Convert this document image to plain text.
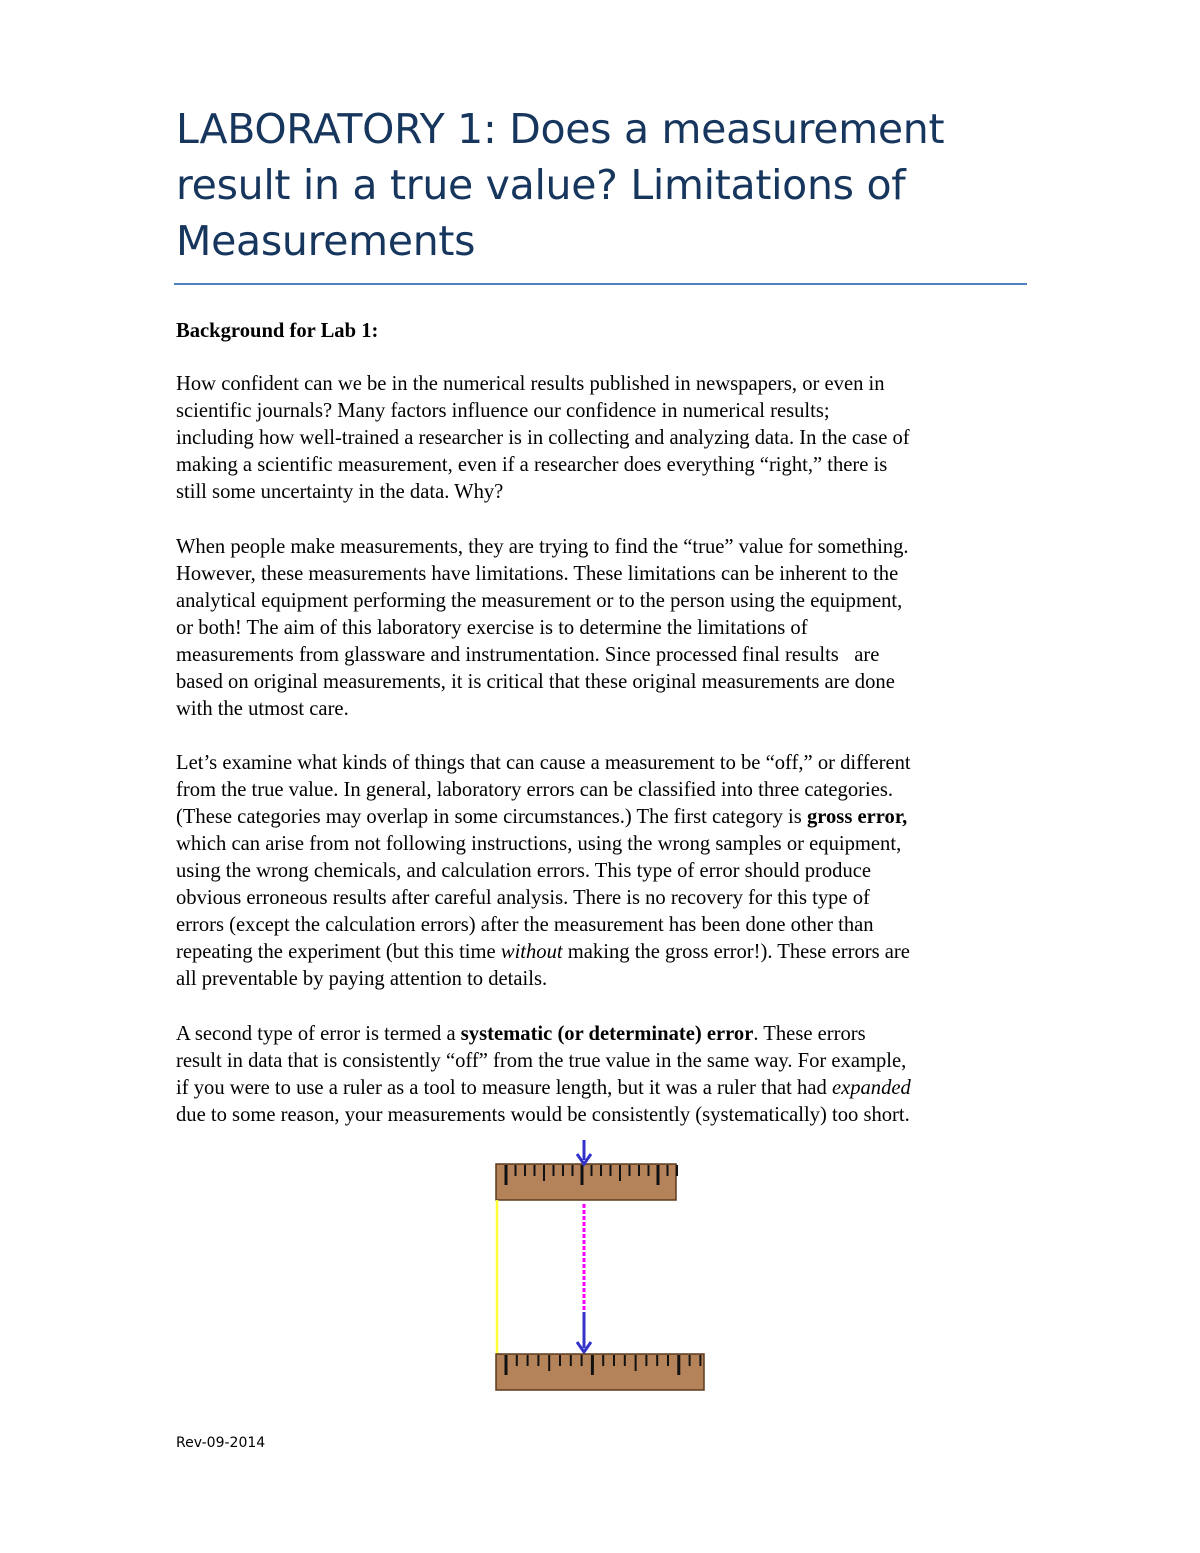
LABORATORY 1: Does a measurement
result in a true value? Limitations of
Measurements

Background for Lab 1:

How confident can we be in the numerical results published in newspapers, or even in
scientific journals? Many factors influence our confidence in numerical results;
including how well-trained a researcher is in collecting and analyzing data. In the case of
making a scientific measurement, even if a researcher does everything “right,” there is
still some uncertainty in the data. Why?

When people make measurements, they are trying to find the “true” value for something.
However, these measurements have limitations. These limitations can be inherent to the
analytical equipment performing the measurement or to the person using the equipment,
or both! The aim of this laboratory exercise is to determine the limitations of
measurements from glassware and instrumentation. Since processed final results   are
based on original measurements, it is critical that these original measurements are done
with the utmost care.

Let’s examine what kinds of things that can cause a measurement to be “off,” or different
from the true value. In general, laboratory errors can be classified into three categories.
(These categories may overlap in some circumstances.) The first category is gross error,
which can arise from not following instructions, using the wrong samples or equipment,
using the wrong chemicals, and calculation errors. This type of error should produce
obvious erroneous results after careful analysis. There is no recovery for this type of
errors (except the calculation errors) after the measurement has been done other than
repeating the experiment (but this time without making the gross error!). These errors are
all preventable by paying attention to details.

A second type of error is termed a systematic (or determinate) error. These errors
result in data that is consistently “off” from the true value in the same way. For example,
if you were to use a ruler as a tool to measure length, but it was a ruler that had expanded
due to some reason, your measurements would be consistently (systematically) too short.

Rev-09-2014
